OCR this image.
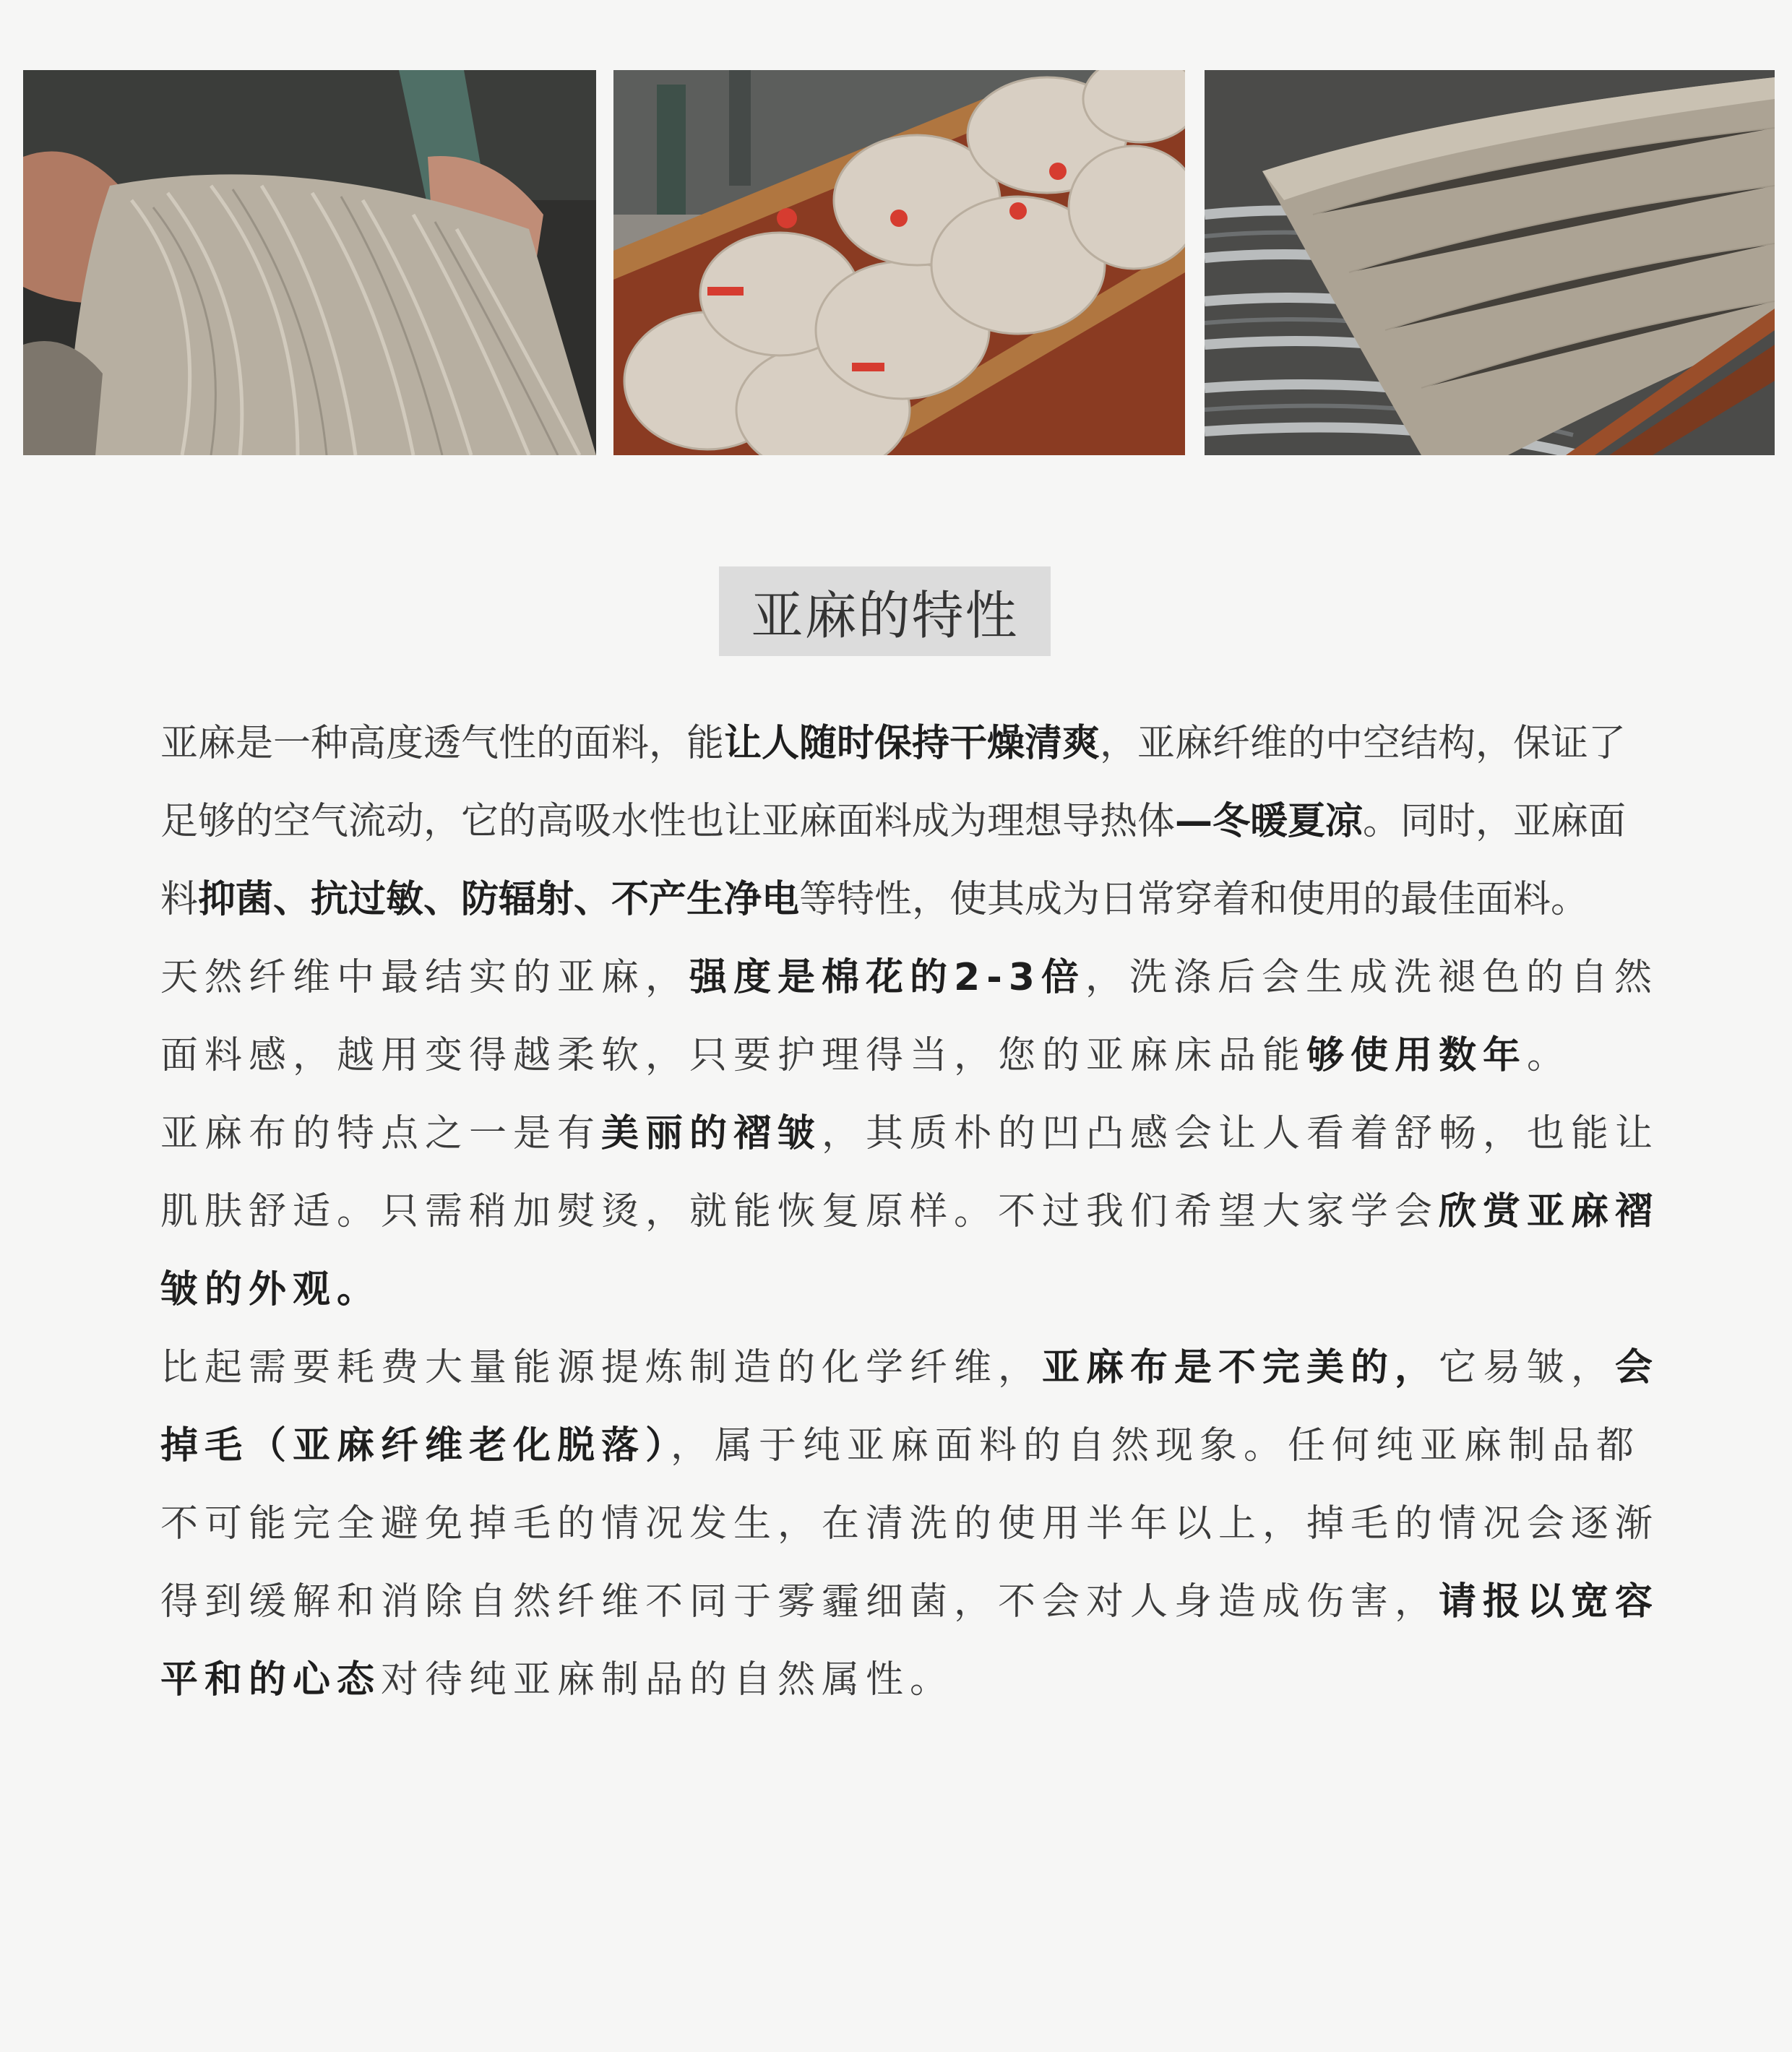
亚麻的特性

亚麻是一种高度透气性的面料，能让人随时保持干燥清爽，亚麻纤维的中空结构，保证了足够的空气流动，它的高吸水性也让亚麻面料成为理想导热体—冬暖夏凉。同时，亚麻面料抑菌、抗过敏、防辐射、不产生净电等特性，使其成为日常穿着和使用的最佳面料。

天然纤维中最结实的亚麻，强度是棉花的2-3倍，洗涤后会生成洗褪色的自然面料感，越用变得越柔软，只要护理得当，您的亚麻床品能够使用数年。

亚麻布的特点之一是有美丽的褶皱，其质朴的凹凸感会让人看着舒畅，也能让肌肤舒适。只需稍加熨烫，就能恢复原样。不过我们希望大家学会欣赏亚麻褶皱的外观。

比起需要耗费大量能源提炼制造的化学纤维，亚麻布是不完美的，它易皱，会掉毛（亚麻纤维老化脱落），属于纯亚麻面料的自然现象。任何纯亚麻制品都不可能完全避免掉毛的情况发生，在清洗的使用半年以上，掉毛的情况会逐渐得到缓解和消除自然纤维不同于雾霾细菌，不会对人身造成伤害，请报以宽容平和的心态对待纯亚麻制品的自然属性。
